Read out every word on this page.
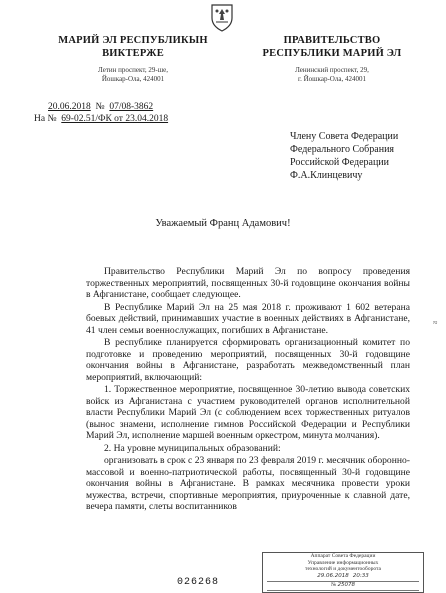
МАРИЙ ЭЛ РЕСПУБЛИКЫН
ВИКТЕРЖЕ
Летин проспект, 29-ше,
Йошкар-Ола, 424001
ПРАВИТЕЛЬСТВО
РЕСПУБЛИКИ МАРИЙ ЭЛ
Ленинский проспект, 29,
г. Йошкар-Ола, 424001
20.06.2018 № 07/08-3862
На № 69-02.51/ФК от 23.04.2018
Члену Совета Федерации
Федерального Собрания
Российской Федерации
Ф.А.Клинцевичу
Уважаемый Франц Адамович!

Правительство Республики Марий Эл по вопросу проведения торжественных мероприятий, посвященных 30-й годовщине окончания войны в Афганистане, сообщает следующее.

В Республике Марий Эл на 25 мая 2018 г. проживают 1 602 ветерана боевых действий, принимавших участие в военных действиях в Афганистане, 41 член семьи военнослужащих, погибших в Афганистане.

В республике планируется сформировать организационный комитет по подготовке и проведению мероприятий, посвященных 30-й годовщине окончания войны в Афганистане, разработать межведомственный план мероприятий, включающий:

1. Торжественное мероприятие, посвященное 30-летию вывода советских войск из Афганистана с участием руководителей органов исполнительной власти Республики Марий Эл (с соблюдением всех торжественных ритуалов (вынос знамени, исполнение гимнов Российской Федерации и Республики Марий Эл, исполнение маршей военным оркестром, минута молчания).

2. На уровне муниципальных образований:

организовать в срок с 23 января по 23 февраля 2019 г. месячник оборонно-массовой и военно-патриотической работы, посвященный 30-й годовщине окончания войны в Афганистане. В рамках месячника провести уроки мужества, встречи, спортивные мероприятия, приуроченные к славной дате, вечера памяти, слеты воспитанников

≈
026268
Аппарат Совета Федерации
Управление информационных
технологий и документооборота
29.06.2018 20:33
№ 25078
